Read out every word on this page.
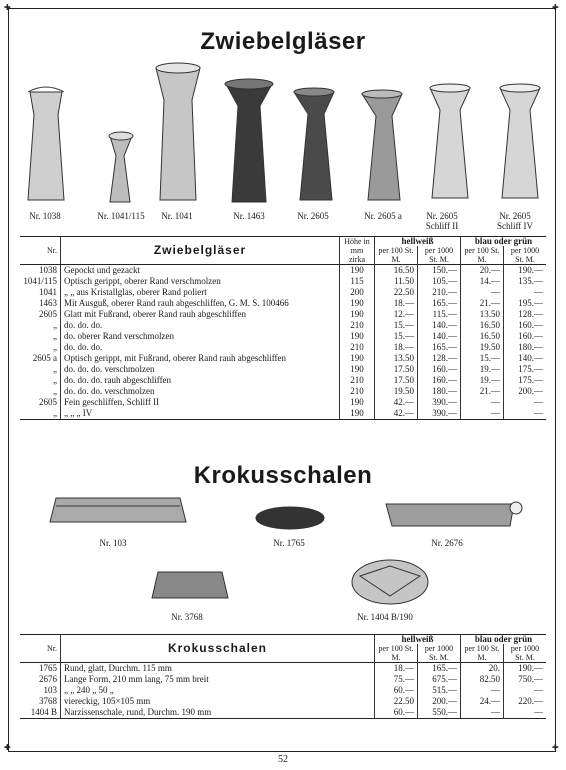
✚	✚
✚	✚
Zwiebelgläser
Nr. 1038	Nr. 1041/115	Nr. 1041	Nr. 1463	Nr. 2605	Nr. 2605 a	Nr. 2605 Schliff II
Nr. 2605 Schliff IV
Nr.	Zwiebelgläser	Höhe in mm zirka	hellweiß		blau oder grün	
			per 100 St. M.	per 1000 St. M.	per 100 St. M.	per 1000 St. M.
1038	Gepockt und gezackt	190	16.50	150.—	20.—	190.—
1041/115	Optisch gerippt, oberer Rand verschmolzen	115	11.50	105.—	14.—	135.—
1041	„ „ aus Kristallglas, oberer Rand poliert	200	22.50	210.—	—	—
1463	Mit Ausguß, oberer Rand rauh abgeschliffen, G. M. S. 100466	190	18.—	165.—	21.—	195.—
2605	Glatt mit Fußrand, oberer Rand rauh abgeschliffen	190	12.—	115.—	13.50	128.—
„	do. do. do.	210	15.—	140.—	16.50	160.—
„	do. oberer Rand verschmolzen	190	15.—	140.—	16.50	160.—
„	do. do. do.	210	18.—	165.—	19.50	180.—
2605 a	Optisch gerippt, mit Fußrand, oberer Rand rauh abgeschliffen	190	13.50	128.—	15.—	140.—
„	do. do. do. verschmolzen	190	17.50	160.—	19.—	175.—
„	do. do. do. rauh abgeschliffen	210	17.50	160.—	19.—	175.—
„	do. do. do. verschmolzen	210	19.50	180.—	21.—	200.—
2605	Fein geschliffen, Schliff II	190	42.—	390.—	—	—
„	„ „ „ IV	190	42.—	390.—	—	—
Krokusschalen
Nr. 103	Nr. 1765	Nr. 2676
Nr. 3768	Nr. 1404 B/190
Nr.	Krokusschalen	hellweiß		blau oder grün	
		per 100 St. M.	per 1000 St. M.	per 100 St. M.	per 1000 St. M.
1765	Rund, glatt, Durchm. 115 mm	18.—	165.—	20.	190.—
2676	Lange Form, 210 mm lang, 75 mm breit	75.—	675.—	82.50	750.—
103	„ „ 240 „ 50 „	60.—	515.—	—	—
3768	viereckig, 105×105 mm	22.50	200.—	24.—	220.—
1404 B	Narzissenschale, rund, Durchm. 190 mm	60.—	550.—	—	—
52
